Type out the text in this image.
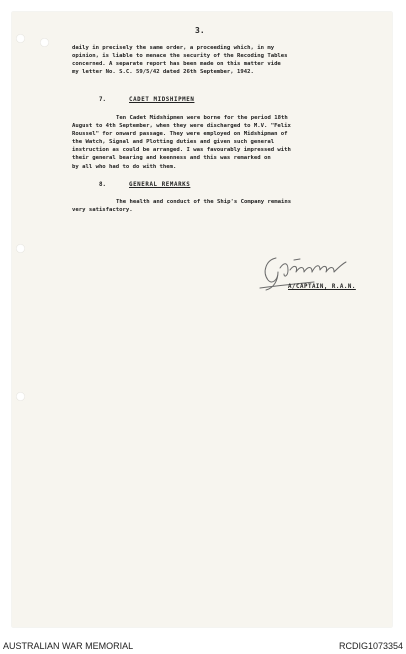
3.

daily in precisely the same order, a proceeding which, in my
opinion, is liable to menace the security of the Recoding Tables
concerned. A separate report has been made on this matter vide
my letter No. S.C. 59/5/42 dated 26th September, 1942.

7.	CADET MIDSHIPMEN

Ten Cadet Midshipmen were borne for the period 18th
August to 4th September, when they were discharged to M.V. "Felix
Roussel" for onward passage. They were employed on Midshipman of
the Watch, Signal and Plotting duties and given such general
instruction as could be arranged. I was favourably impressed with
their general bearing and keenness and this was remarked on
by all who had to do with them.

8.	GENERAL REMARKS

The health and conduct of the Ship's Company remains
very satisfactory.

A/CAPTAIN, R.A.N.
AUSTRALIAN WAR MEMORIAL	RCDIG1073354
